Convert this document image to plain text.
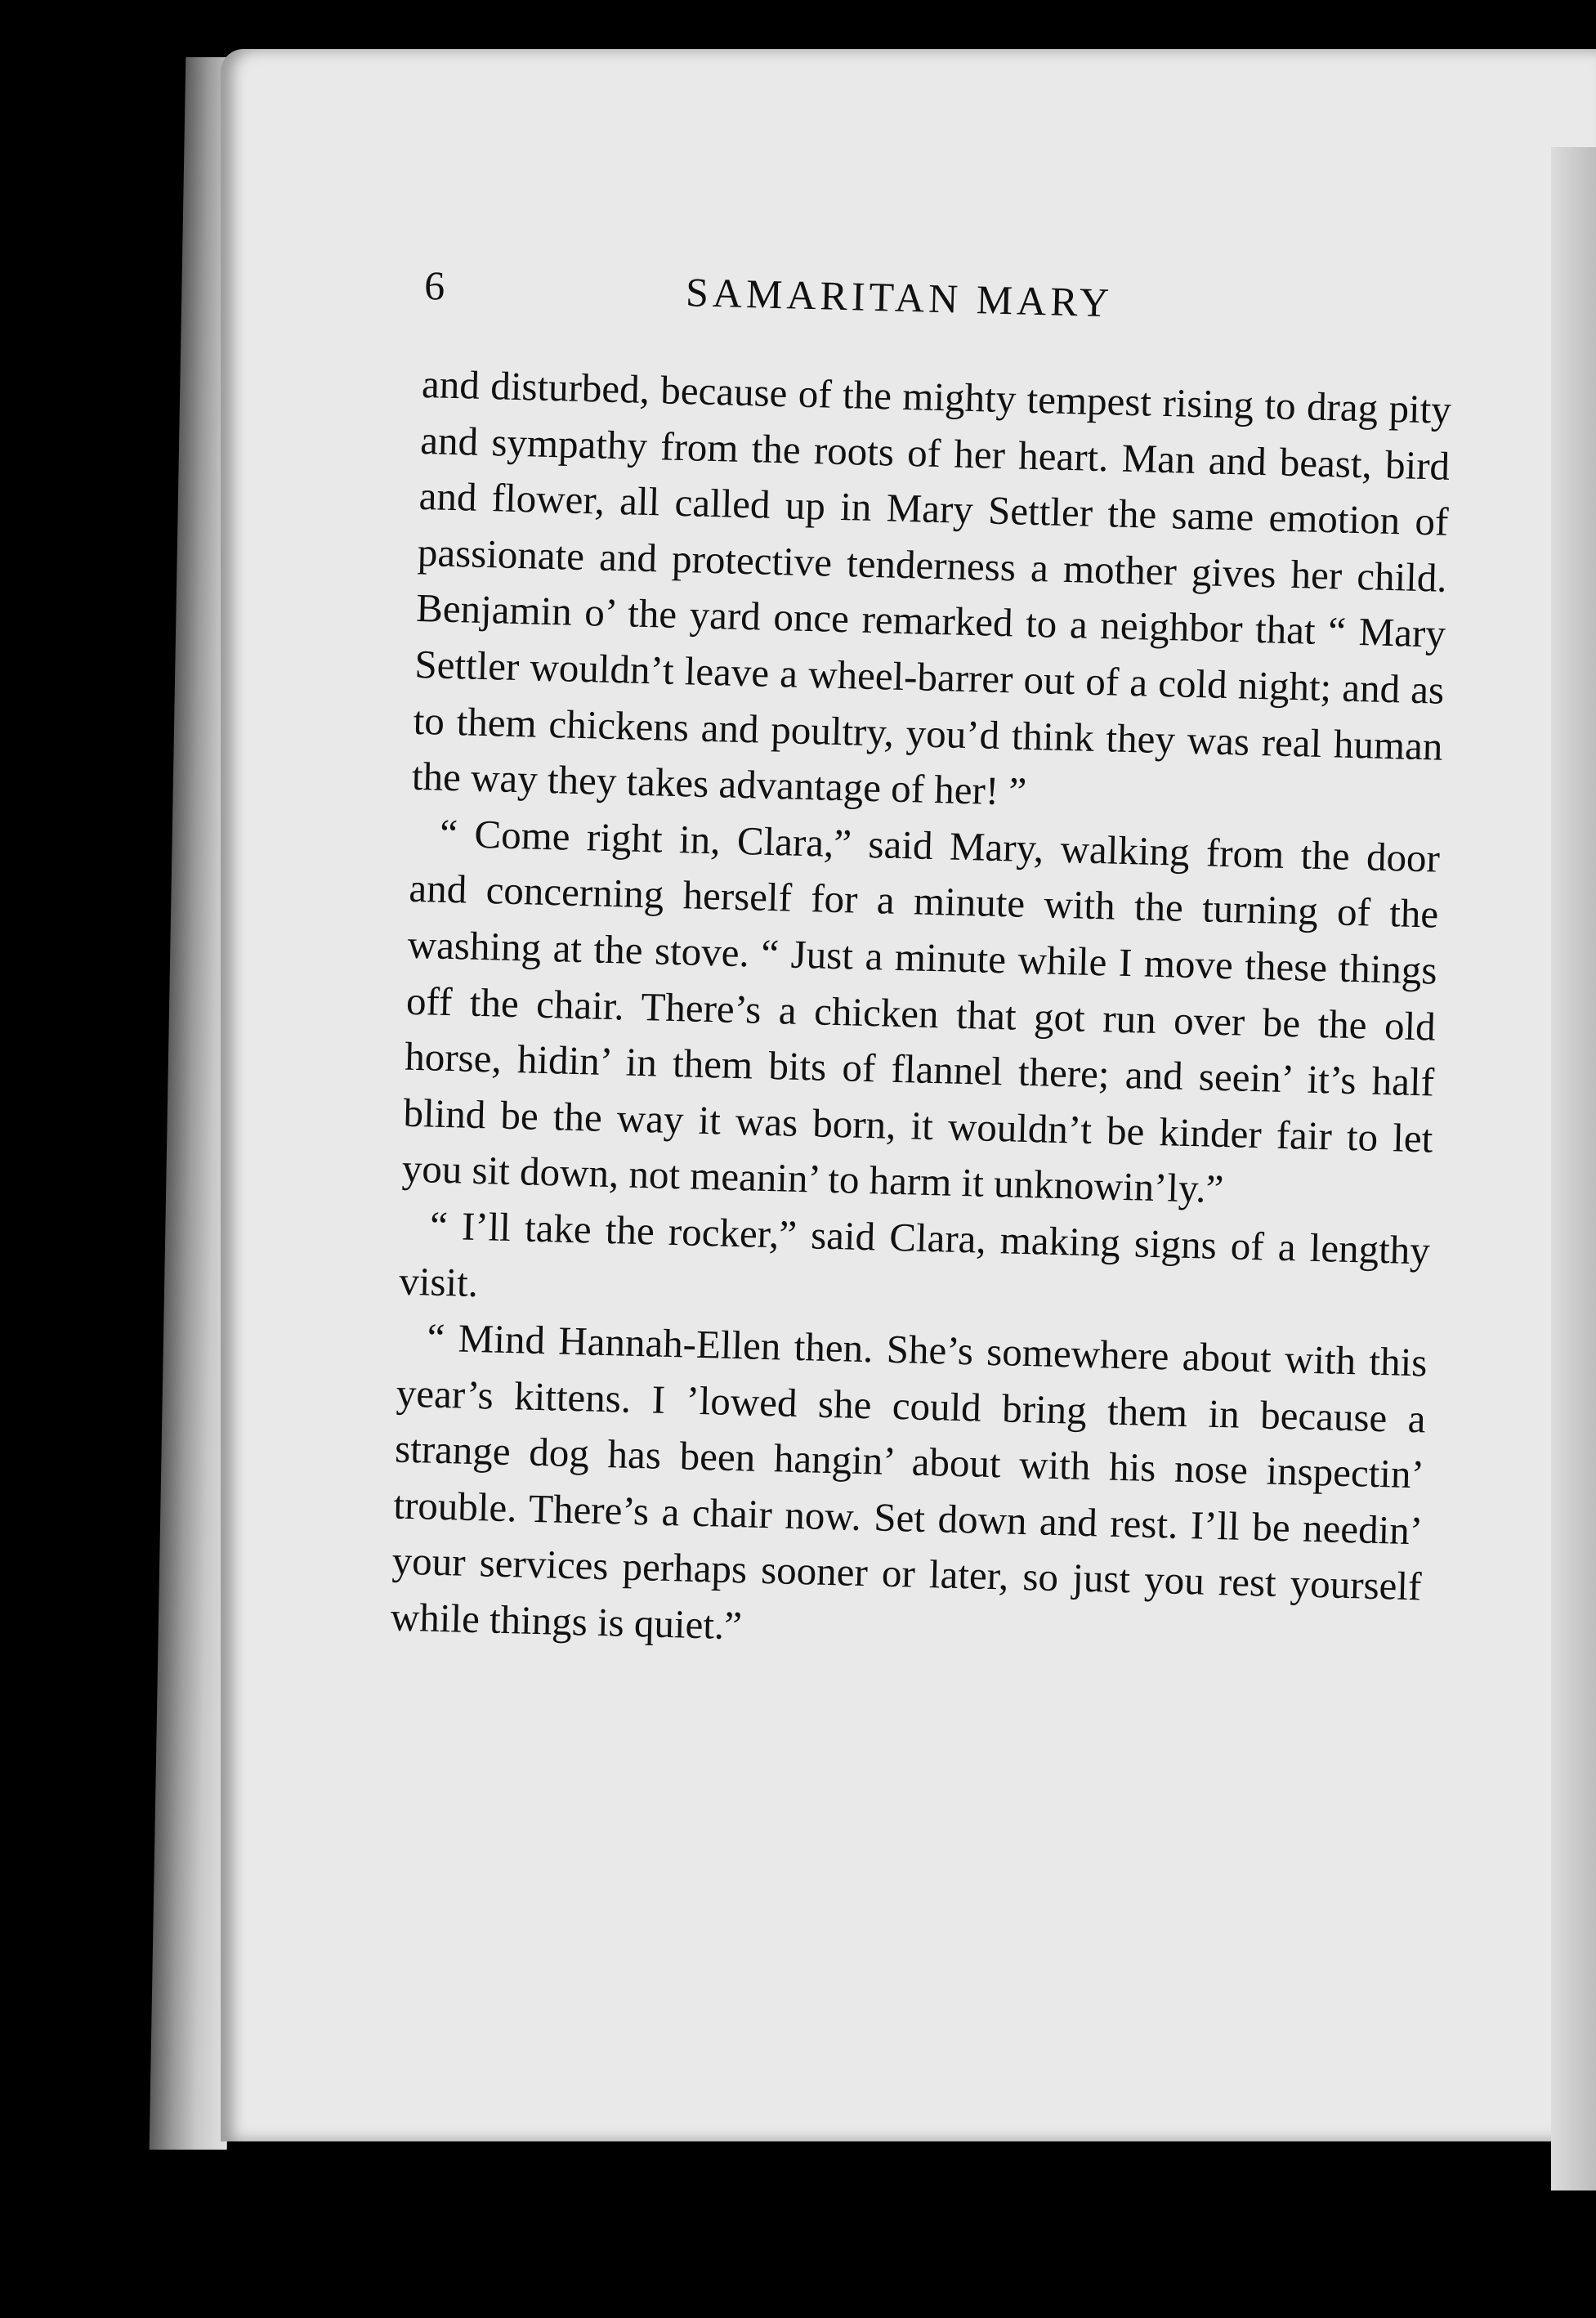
6	SAMARITAN MARY

and disturbed, because of the mighty tempest rising to drag pity and sympathy from the roots of her heart. Man and beast, bird and flower, all called up in Mary Settler the same emotion of passionate and protective tenderness a mother gives her child. Benjamin o’ the yard once remarked to a neighbor that “ Mary Settler wouldn’t leave a wheel-barrer out of a cold night; and as to them chickens and poultry, you’d think they was real human the way they takes advantage of her! ”

“ Come right in, Clara,” said Mary, walking from the door and concerning herself for a minute with the turning of the washing at the stove. “ Just a minute while I move these things off the chair. There’s a chicken that got run over be the old horse, hidin’ in them bits of flannel there; and seein’ it’s half blind be the way it was born, it wouldn’t be kinder fair to let you sit down, not meanin’ to harm it unknowin’ly.”

“ I’ll take the rocker,” said Clara, making signs of a lengthy visit.

“ Mind Hannah-Ellen then. She’s somewhere about with this year’s kittens. I ’lowed she could bring them in because a strange dog has been hangin’ about with his nose inspectin’ trouble. There’s a chair now. Set down and rest. I’ll be needin’ your services perhaps sooner or later, so just you rest yourself while things is quiet.”
